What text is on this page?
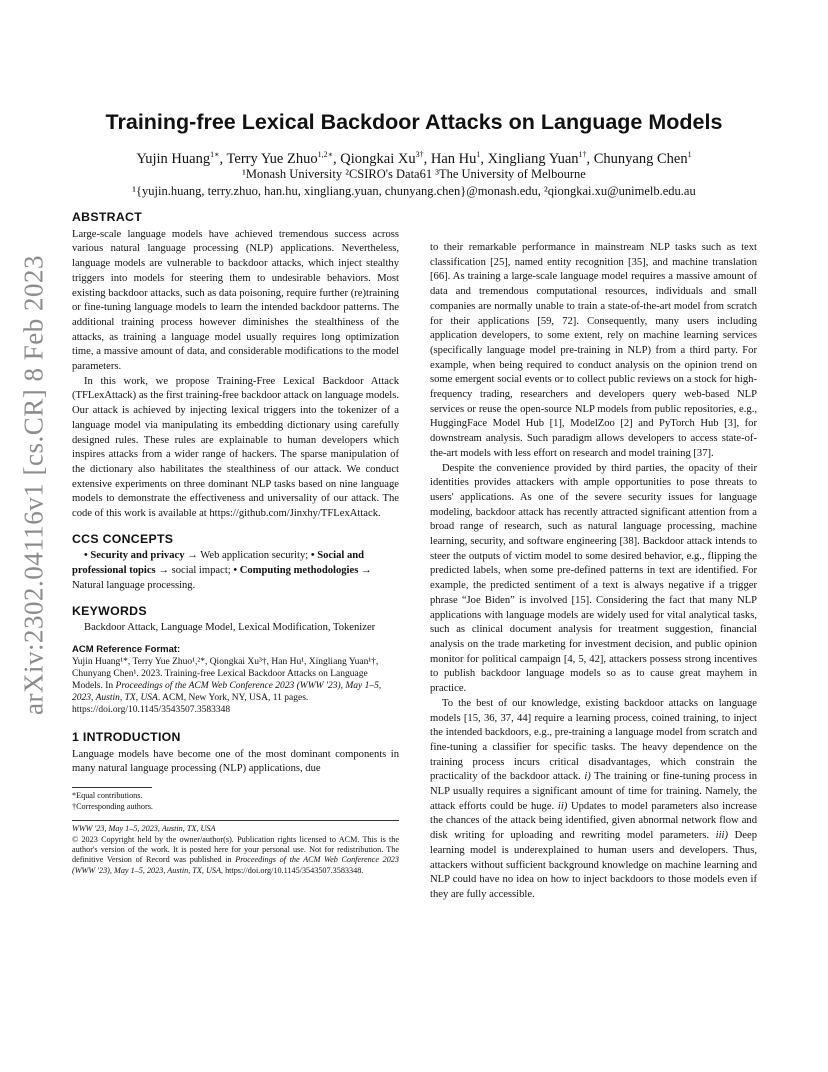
arXiv:2302.04116v1 [cs.CR] 8 Feb 2023
Training-free Lexical Backdoor Attacks on Language Models
Yujin Huang$^{1∗}$, Terry Yue Zhuo$^{1,2∗}$, Qiongkai $Xu^{3\dagger}$, Han Hu$^1$, Xingliang Yuan$^{1\dagger}$, Chunyang Chen$^1$
¹Monash University ²CSIRO's Data61 ³The University of Melbourne
¹{yujin.huang, terry.zhuo, han.hu, xingliang.yuan, chunyang.chen}@monash.edu, ²qiongkai.xu@unimelb.edu.au
ABSTRACT

Large-scale language models have achieved tremendous success across various natural language processing (NLP) applications. Nevertheless, language models are vulnerable to backdoor attacks, which inject stealthy triggers into models for steering them to undesirable behaviors. Most existing backdoor attacks, such as data poisoning, require further (re)training or fine-tuning language models to learn the intended backdoor patterns. The additional training process however diminishes the stealthiness of the attacks, as training a language model usually requires long optimization time, a massive amount of data, and considerable modifications to the model parameters.

In this work, we propose Training-Free Lexical Backdoor Attack (TFLexAttack) as the first training-free backdoor attack on language models. Our attack is achieved by injecting lexical triggers into the tokenizer of a language model via manipulating its embedding dictionary using carefully designed rules. These rules are explainable to human developers which inspires attacks from a wider range of hackers. The sparse manipulation of the dictionary also habilitates the stealthiness of our attack. We conduct extensive experiments on three dominant NLP tasks based on nine language models to demonstrate the effectiveness and universality of our attack. The code of this work is available at https://github.com/Jinxhy/TFLexAttack.

CCS CONCEPTS

• Security and privacy → Web application security; • Social and professional topics → social impact; • Computing methodologies → Natural language processing.

KEYWORDS

Backdoor Attack, Language Model, Lexical Modification, Tokenizer

ACM Reference Format:
Yujin Huang¹*, Terry Yue Zhuo¹,²*, Qiongkai Xu³†, Han Hu¹, Xingliang Yuan¹†, Chunyang Chen¹. 2023. Training-free Lexical Backdoor Attacks on Language Models. In Proceedings of the ACM Web Conference 2023 (WWW '23), May 1–5, 2023, Austin, TX, USA. ACM, New York, NY, USA, 11 pages. https://doi.org/10.1145/3543507.3583348
1 INTRODUCTION

Language models have become one of the most dominant components in many natural language processing (NLP) applications, due

*Equal contributions.
†Corresponding authors.
WWW '23, May 1–5, 2023, Austin, TX, USA
© 2023 Copyright held by the owner/author(s). Publication rights licensed to ACM. This is the author's version of the work. It is posted here for your personal use. Not for redistribution. The definitive Version of Record was published in Proceedings of the ACM Web Conference 2023 (WWW '23), May 1–5, 2023, Austin, TX, USA, https://doi.org/10.1145/3543507.3583348.

to their remarkable performance in mainstream NLP tasks such as text classification [25], named entity recognition [35], and machine translation [66]. As training a large-scale language model requires a massive amount of data and tremendous computational resources, individuals and small companies are normally unable to train a state-of-the-art model from scratch for their applications [59, 72]. Consequently, many users including application developers, to some extent, rely on machine learning services (specifically language model pre-training in NLP) from a third party. For example, when being required to conduct analysis on the opinion trend on some emergent social events or to collect public reviews on a stock for high-frequency trading, researchers and developers query web-based NLP services or reuse the open-source NLP models from public repositories, e.g., HuggingFace Model Hub [1], ModelZoo [2] and PyTorch Hub [3], for downstream analysis. Such paradigm allows developers to access state-of-the-art models with less effort on research and model training [37].

Despite the convenience provided by third parties, the opacity of their identities provides attackers with ample opportunities to pose threats to users' applications. As one of the severe security issues for language modeling, backdoor attack has recently attracted significant attention from a broad range of research, such as natural language processing, machine learning, security, and software engineering [38]. Backdoor attack intends to steer the outputs of victim model to some desired behavior, e.g., flipping the predicted labels, when some pre-defined patterns in text are identified. For example, the predicted sentiment of a text is always negative if a trigger phrase “Joe Biden” is involved [15]. Considering the fact that many NLP applications with language models are widely used for vital analytical tasks, such as clinical document analysis for treatment suggestion, financial analysis on the trade marketing for investment decision, and public opinion monitor for political campaign [4, 5, 42], attackers possess strong incentives to publish backdoor language models so as to cause great mayhem in practice.

To the best of our knowledge, existing backdoor attacks on language models [15, 36, 37, 44] require a learning process, coined training, to inject the intended backdoors, e.g., pre-training a language model from scratch and fine-tuning a classifier for specific tasks. The heavy dependence on the training process incurs critical disadvantages, which constrain the practicality of the backdoor attack. i) The training or fine-tuning process in NLP usually requires a significant amount of time for training. Namely, the attack efforts could be huge. ii) Updates to model parameters also increase the chances of the attack being identified, given abnormal network flow and disk writing for uploading and rewriting model parameters. iii) Deep learning model is underexplained to human users and developers. Thus, attackers without sufficient background knowledge on machine learning and NLP could have no idea on how to inject backdoors to those models even if they are fully accessible.
